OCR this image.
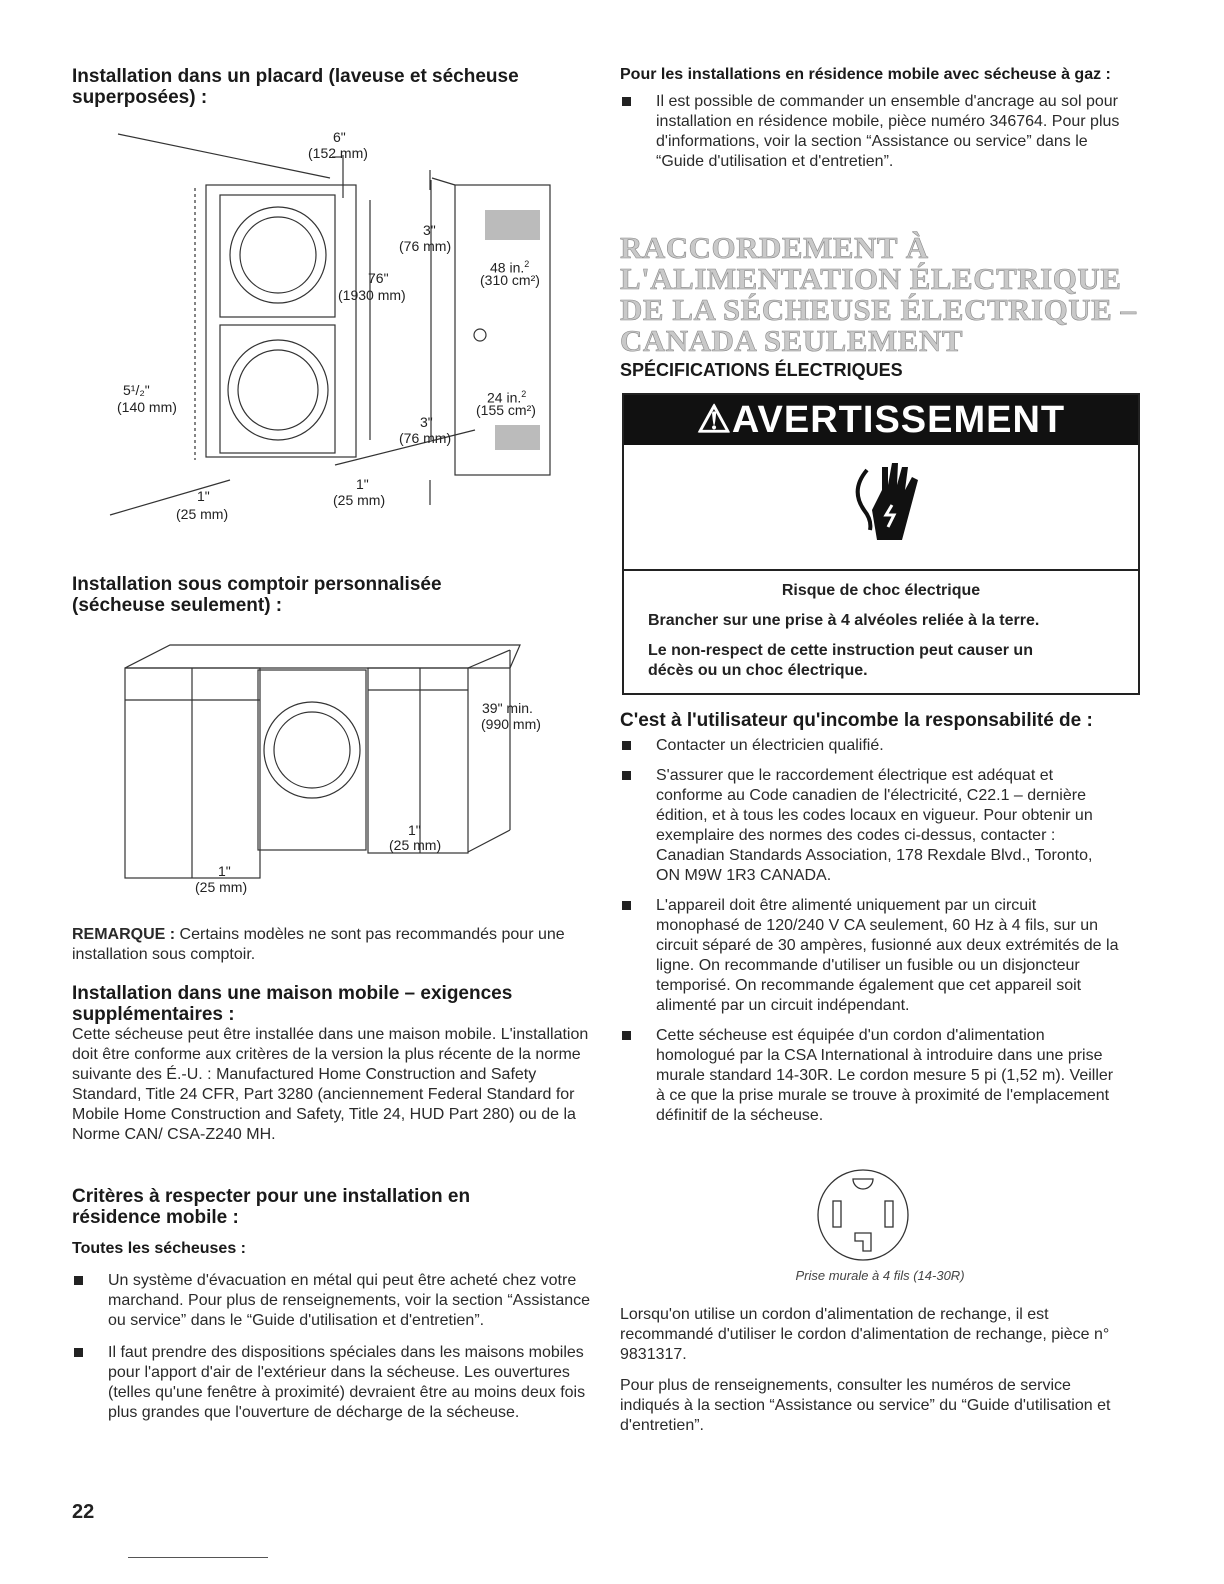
Installation dans un placard (laveuse et sécheuse superposées) :
6"
(152 mm)
3"
(76 mm)
76"
(1930 mm)
48 in.$^2$
(310 cm²)
5¹/₂"
(140 mm)
24 in.$^2$
(155 cm²)
3"
(76 mm)
1"
(25 mm)
1"
(25 mm)
Installation sous comptoir personnalisée (sécheuse seulement) :
39" min.
(990 mm)
1"
(25 mm)
1"
(25 mm)

REMARQUE : Certains modèles ne sont pas recommandés pour une installation sous comptoir.

Installation dans une maison mobile – exigences supplémentaires :

Cette sécheuse peut être installée dans une maison mobile. L'installation doit être conforme aux critères de la version la plus récente de la norme suivante des É.-U. : Manufactured Home Construction and Safety Standard, Title 24 CFR, Part 3280 (anciennement Federal Standard for Mobile Home Construction and Safety, Title 24, HUD Part 280) ou de la Norme CAN/ CSA-Z240 MH.

Critères à respecter pour une installation en résidence mobile :
Toutes les sécheuses :
Un système d'évacuation en métal qui peut être acheté chez votre marchand. Pour plus de renseignements, voir la section “Assistance ou service” dans le “Guide d'utilisation et d'entretien”.
Il faut prendre des dispositions spéciales dans les maisons mobiles pour l'apport d'air de l'extérieur dans la sécheuse. Les ouvertures (telles qu'une fenêtre à proximité) devraient être au moins deux fois plus grandes que l'ouverture de décharge de la sécheuse.
22
Pour les installations en résidence mobile avec sécheuse à gaz :
Il est possible de commander un ensemble d'ancrage au sol pour installation en résidence mobile, pièce numéro 346764. Pour plus d'informations, voir la section “Assistance ou service” dans le “Guide d'utilisation et d'entretien”.
RACCORDEMENT À
L'ALIMENTATION ÉLECTRIQUE
DE LA SÉCHEUSE ÉLECTRIQUE –
CANADA SEULEMENT
SPÉCIFICATIONS ÉLECTRIQUES
⚠AVERTISSEMENT
Risque de choc électrique
Brancher sur une prise à 4 alvéoles reliée à la terre.
Le non-respect de cette instruction peut causer un décès ou un choc électrique.
C'est à l'utilisateur qu'incombe la responsabilité de :
Contacter un électricien qualifié.
S'assurer que le raccordement électrique est adéquat et conforme au Code canadien de l'électricité, C22.1 – dernière édition, et à tous les codes locaux en vigueur. Pour obtenir un exemplaire des normes des codes ci-dessus, contacter : Canadian Standards Association, 178 Rexdale Blvd., Toronto, ON M9W 1R3 CANADA.
L'appareil doit être alimenté uniquement par un circuit monophasé de 120/240 V CA seulement, 60 Hz à 4 fils, sur un circuit séparé de 30 ampères, fusionné aux deux extrémités de la ligne. On recommande d'utiliser un fusible ou un disjoncteur temporisé. On recommande également que cet appareil soit alimenté par un circuit indépendant.
Cette sécheuse est équipée d'un cordon d'alimentation homologué par la CSA International à introduire dans une prise murale standard 14-30R. Le cordon mesure 5 pi (1,52 m). Veiller à ce que la prise murale se trouve à proximité de l'emplacement définitif de la sécheuse.
Prise murale à 4 fils (14-30R)

Lorsqu'on utilise un cordon d'alimentation de rechange, il est recommandé d'utiliser le cordon d'alimentation de rechange, pièce n° 9831317.

Pour plus de renseignements, consulter les numéros de service indiqués à la section “Assistance ou service” du “Guide d'utilisation et d'entretien”.
